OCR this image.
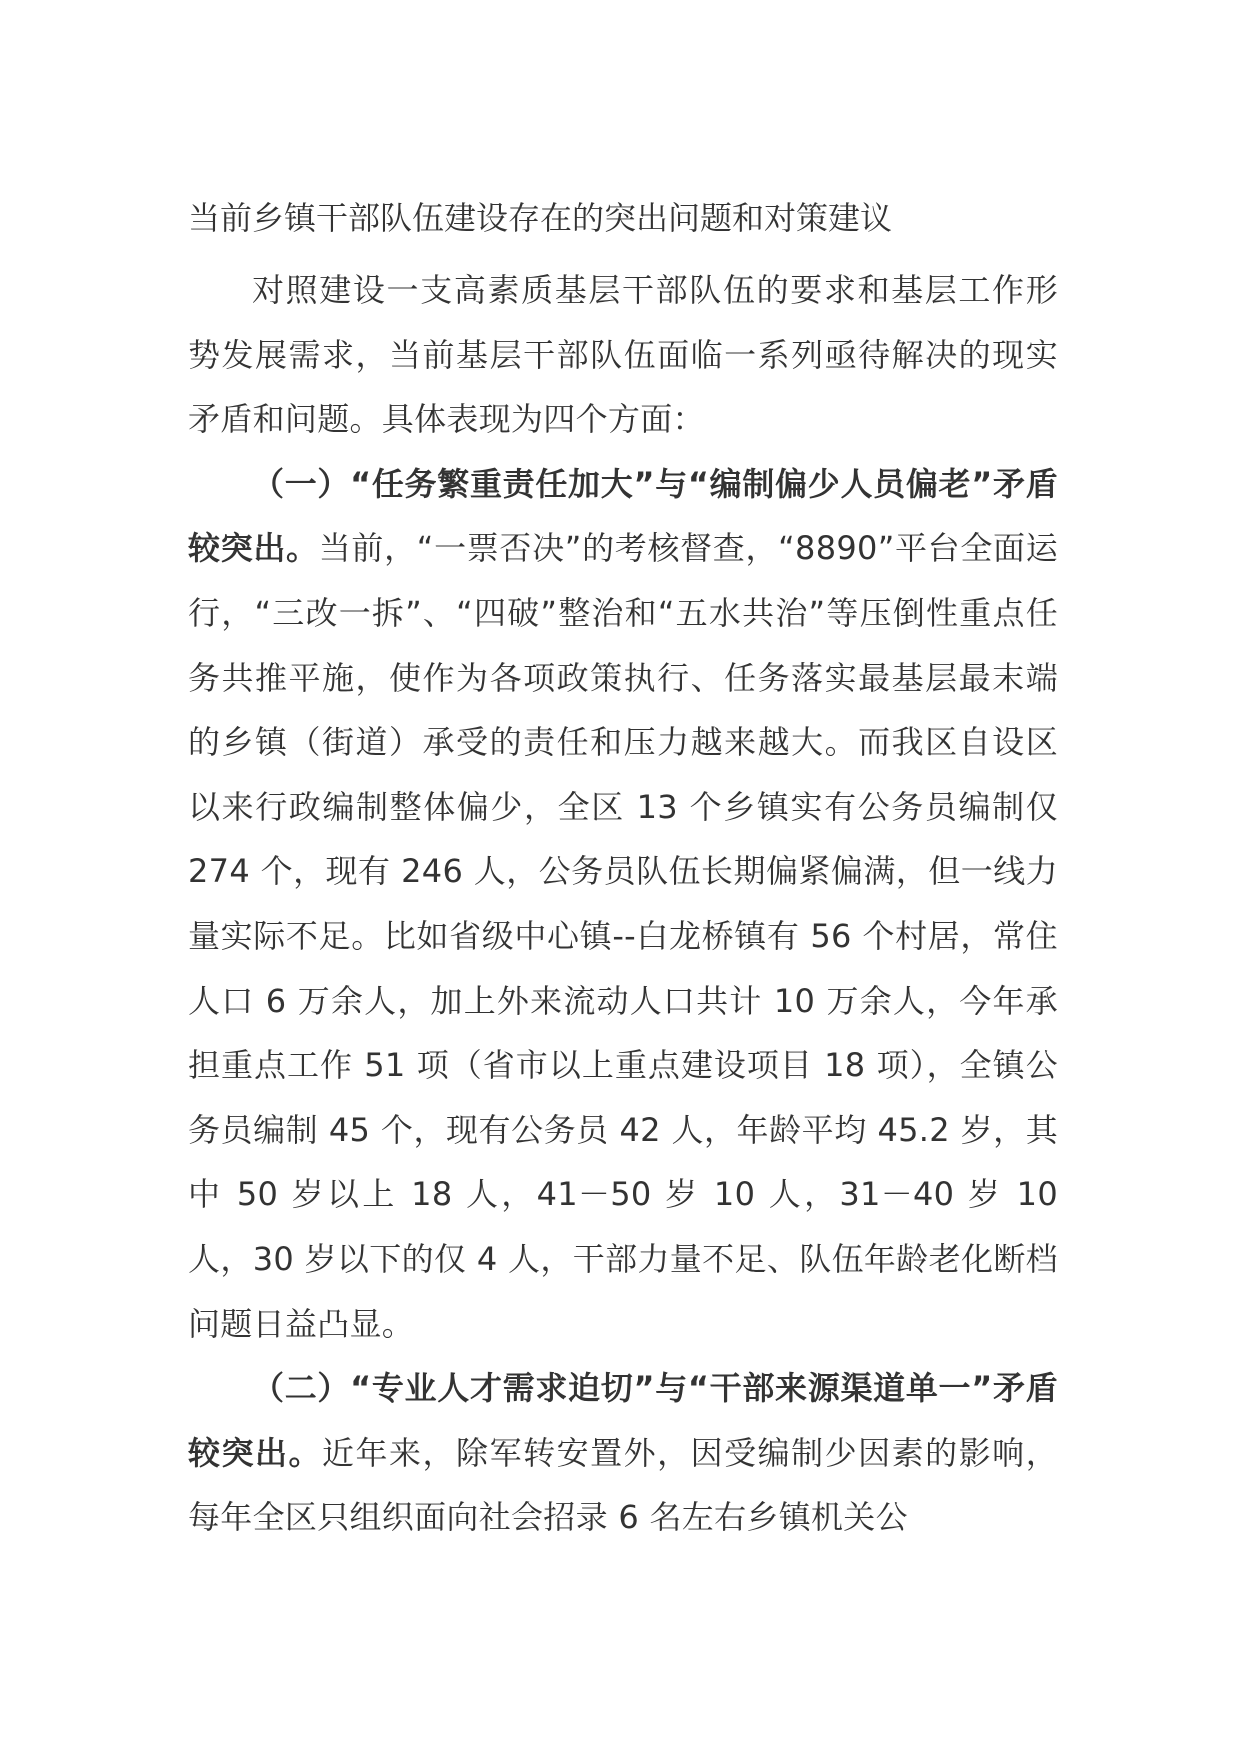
当前乡镇干部队伍建设存在的突出问题和对策建议

对照建设一支高素质基层干部队伍的要求和基层工作形势发展需求，当前基层干部队伍面临一系列亟待解决的现实矛盾和问题。具体表现为四个方面：

（一）“任务繁重责任加大”与“编制偏少人员偏老”矛盾较突出。当前，“一票否决”的考核督查，“8890”平台全面运行，“三改一拆”、“四破”整治和“五水共治”等压倒性重点任务共推平施，使作为各项政策执行、任务落实最基层最末端的乡镇（街道）承受的责任和压力越来越大。而我区自设区以来行政编制整体偏少，全区 13 个乡镇实有公务员编制仅 274 个，现有 246 人，公务员队伍长期偏紧偏满，但一线力量实际不足。比如省级中心镇--白龙桥镇有 56 个村居，常住人口 6 万余人，加上外来流动人口共计 10 万余人，今年承担重点工作 51 项（省市以上重点建设项目 18 项），全镇公务员编制 45 个，现有公务员 42 人，年龄平均 45.2 岁，其中 50 岁以上 18 人，41－50 岁 10 人，31－40 岁 10 人，30 岁以下的仅 4 人，干部力量不足、队伍年龄老化断档问题日益凸显。

（二）“专业人才需求迫切”与“干部来源渠道单一”矛盾较突出。近年来，除军转安置外，因受编制少因素的影响，每年全区只组织面向社会招录 6 名左右乡镇机关公
